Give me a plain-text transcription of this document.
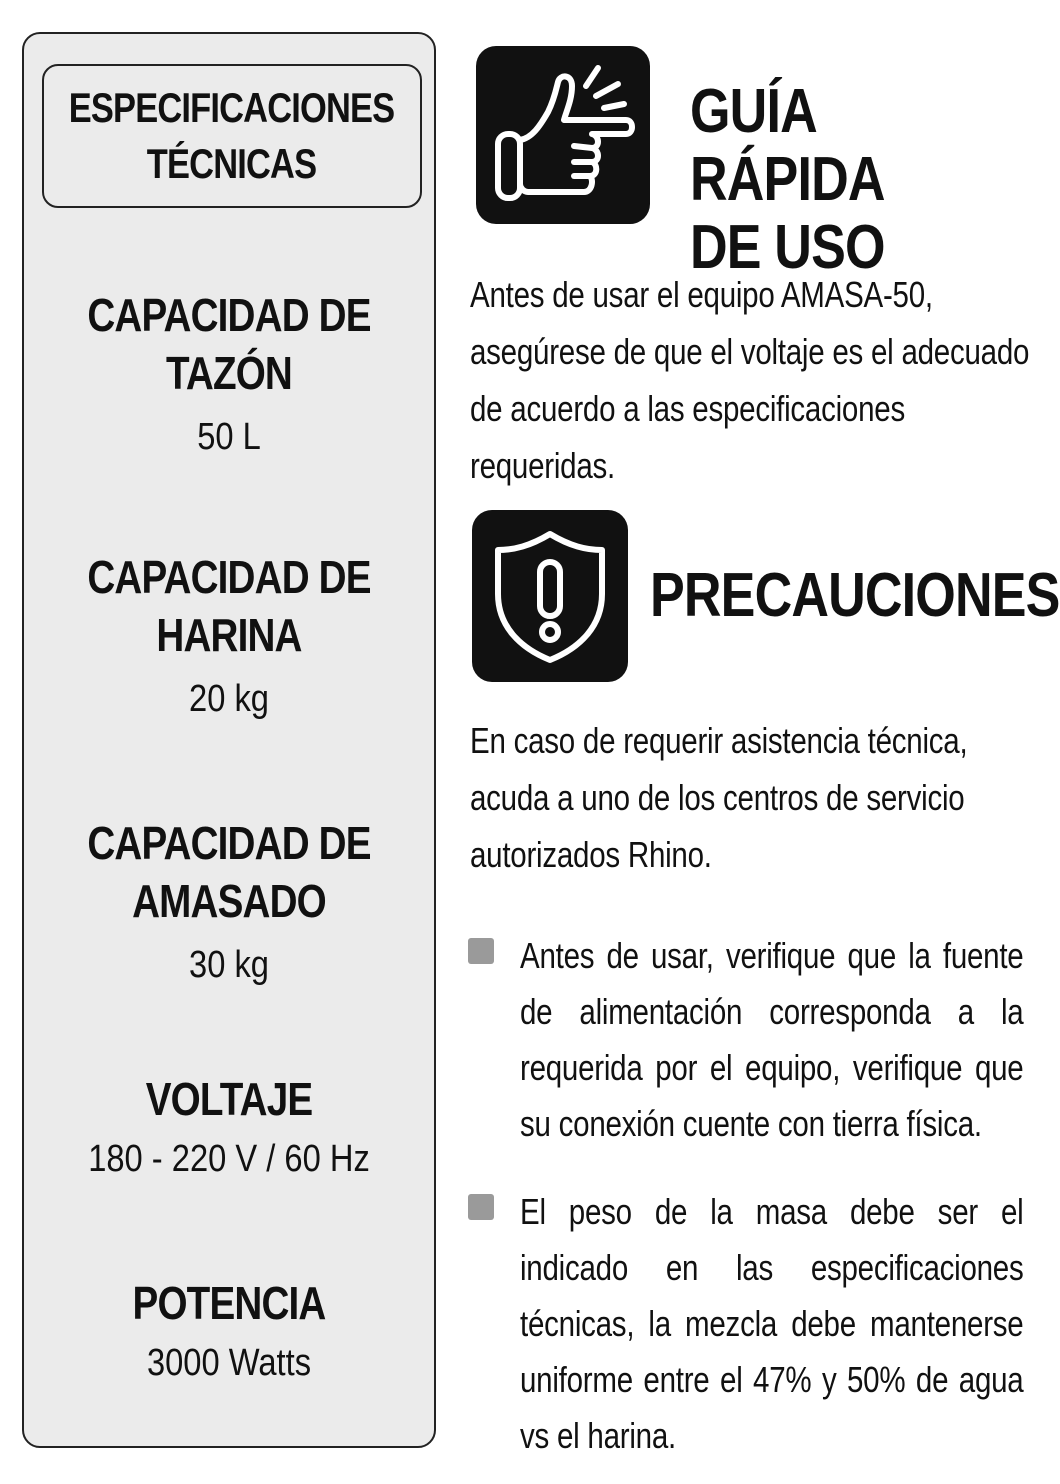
ESPECIFICACIONES
TÉCNICAS
CAPACIDAD DE
TAZÓN
50 L
CAPACIDAD DE
HARINA
20 kg
CAPACIDAD DE
AMASADO
30 kg
VOLTAJE
180 - 220 V / 60 Hz
POTENCIA
3000 Watts
GUÍA RÁPIDA
DE USO
Antes de usar el equipo AMASA-50, asegúrese de que el voltaje es el adecuado de acuerdo a las especificaciones requeridas.
PRECAUCIONES
En caso de requerir asistencia técnica, acuda a uno de los centros de servicio autorizados Rhino.
Antes de usar, verifique que la fuente de alimentación corresponda a la requerida por el equipo, verifique que su conexión cuente con tierra física.
El peso de la masa debe ser el indicado en las especificaciones técnicas, la mezcla debe mantenerse uniforme entre el 47% y 50% de agua vs el harina.
